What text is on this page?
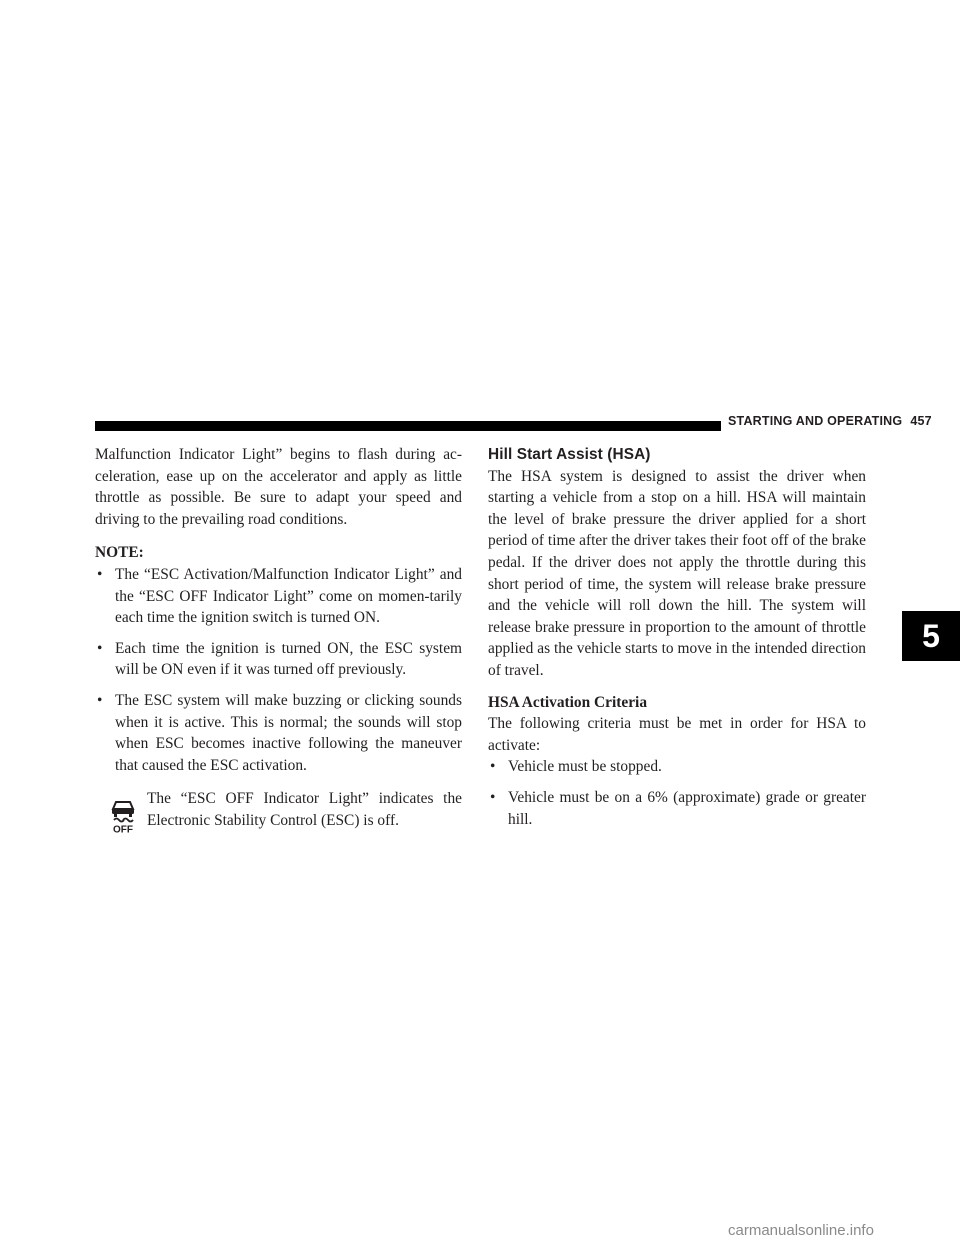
STARTING AND OPERATING 457

Malfunction Indicator Light” begins to flash during ac-celeration, ease up on the accelerator and apply as little throttle as possible. Be sure to adapt your speed and driving to the prevailing road conditions.

NOTE:

• The “ESC Activation/Malfunction Indicator Light” and the “ESC OFF Indicator Light” come on momen-tarily each time the ignition switch is turned ON.
• Each time the ignition is turned ON, the ESC system will be ON even if it was turned off previously.
• The ESC system will make buzzing or clicking sounds when it is active. This is normal; the sounds will stop when ESC becomes inactive following the maneuver that caused the ESC activation.
OFF

The “ESC OFF Indicator Light” indicates the Electronic Stability Control (ESC) is off.

Hill Start Assist (HSA)

The HSA system is designed to assist the driver when starting a vehicle from a stop on a hill. HSA will maintain the level of brake pressure the driver applied for a short period of time after the driver takes their foot off of the brake pedal. If the driver does not apply the throttle during this short period of time, the system will release brake pressure and the vehicle will roll down the hill. The system will release brake pressure in proportion to the amount of throttle applied as the vehicle starts to move in the intended direction of travel.

HSA Activation Criteria

The following criteria must be met in order for HSA to activate:

• Vehicle must be stopped.
• Vehicle must be on a 6% (approximate) grade or greater hill.
5
carmanualsonline.info
